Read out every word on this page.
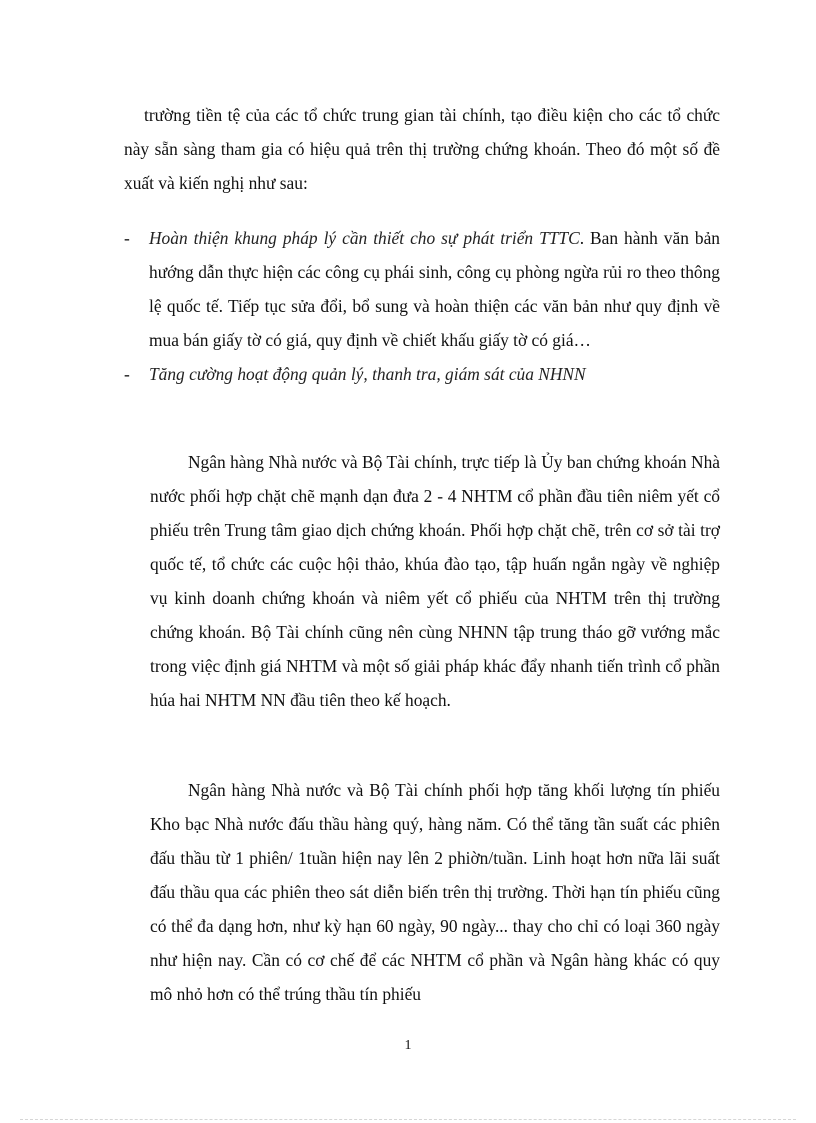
trường tiền tệ của các tổ chức trung gian tài chính, tạo điều kiện cho các tổ chức này sẵn sàng tham gia có hiệu quả trên thị trường chứng khoán. Theo đó một số đề xuất và kiến nghị như sau:
- Hoàn thiện khung pháp lý cần thiết cho sự phát triển TTTC. Ban hành văn bản hướng dẫn thực hiện các công cụ phái sinh, công cụ phòng ngừa rủi ro theo thông lệ quốc tế. Tiếp tục sửa đổi, bổ sung và hoàn thiện các văn bản như quy định về mua bán giấy tờ có giá, quy định về chiết khấu giấy tờ có giá…
- Tăng cường hoạt động quản lý, thanh tra, giám sát của NHNN
Ngân hàng Nhà nước và Bộ Tài chính, trực tiếp là Ủy ban chứng khoán Nhà nước phối hợp chặt chẽ mạnh dạn đưa 2 - 4 NHTM cổ phần đầu tiên niêm yết cổ phiếu trên Trung tâm giao dịch chứng khoán. Phối hợp chặt chẽ, trên cơ sở tài trợ quốc tế, tổ chức các cuộc hội thảo, khúa đào tạo, tập huấn ngắn ngày về nghiệp vụ kinh doanh chứng khoán và niêm yết cổ phiếu của NHTM trên thị trường chứng khoán. Bộ Tài chính cũng nên cùng NHNN tập trung tháo gỡ vướng mắc trong việc định giá NHTM và một số giải pháp khác đẩy nhanh tiến trình cổ phần húa hai NHTM NN đầu tiên theo kế hoạch.
Ngân hàng Nhà nước và Bộ Tài chính phối hợp tăng khối lượng tín phiếu Kho bạc Nhà nước đấu thầu hàng quý, hàng năm. Có thể tăng tần suất các phiên đấu thầu từ 1 phiên/ 1tuần hiện nay lên 2 phiờn/tuần. Linh hoạt hơn nữa lãi suất đấu thầu qua các phiên theo sát diễn biến trên thị trường. Thời hạn tín phiếu cũng có thể đa dạng hơn, như kỳ hạn 60 ngày, 90 ngày... thay cho chỉ có loại 360 ngày như hiện nay. Cần có cơ chế để các NHTM cổ phần và Ngân hàng khác có quy mô nhỏ hơn có thể trúng thầu tín phiếu
1
